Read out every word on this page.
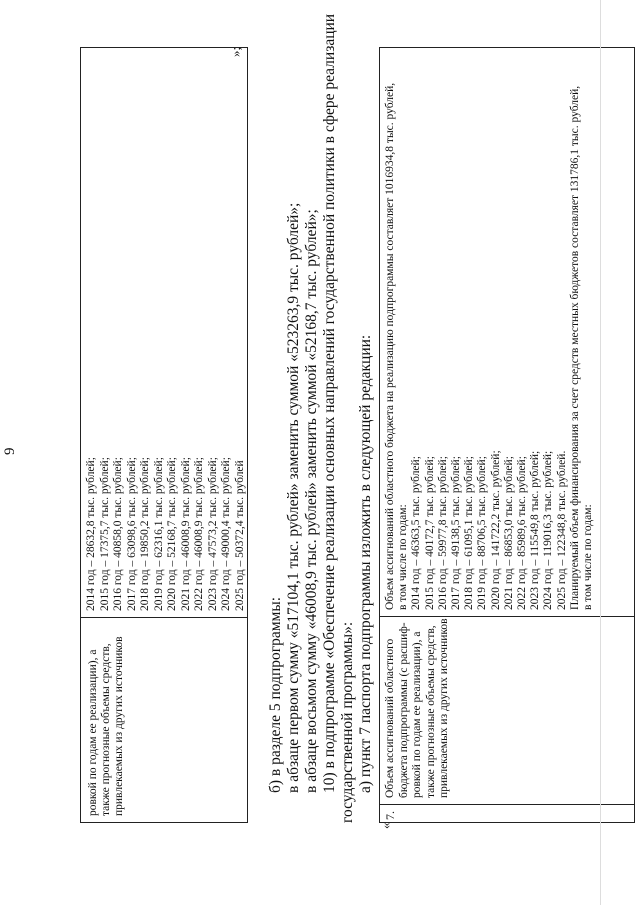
9
ровкой по годам ее реализации), а также прогнозные объемы средств, привлекаемых из других источников
2014 год – 28632,8 тыс. рублей; 2015 год – 17375,7 тыс. рублей; 2016 год – 40858,0 тыс. рублей; 2017 год – 63098,6 тыс. рублей; 2018 год – 19850,2 тыс. рублей; 2019 год – 62316,1 тыс. рублей; 2020 год – 52168,7 тыс. рублей; 2021 год – 46008,9 тыс. рублей; 2022 год – 46008,9 тыс. рублей; 2023 год – 47573,2 тыс. рублей; 2024 год – 49000,4 тыс. рублей; 2025 год – 50372,4 тыс. рублей
»;
б) в разделе 5 подпрограммы: в абзаце первом сумму «517104,1 тыс. рублей» заменить суммой «523263,9 тыс. рублей»; в абзаце восьмом сумму «46008,9 тыс. рублей» заменить суммой «52168,7 тыс. рублей»; 10) в подпрограмме «Обеспечение реализации основных направлений государственной политики в сфере реализации государственной программы»: а) пункт 7 паспорта подпрограммы изложить в следующей редакции:
«
7.
Объем ассигнований областного бюджета подпрограммы (с расшиф- ровкой по годам ее реализации), а также прогнозные объемы средств, привлекаемых из других источников
Объем ассигнований областного бюджета на реализацию подпрограммы составляет 1016934,8 тыс. рублей, в том числе по годам: 2014 год – 46363,5 тыс. рублей; 2015 год – 40172,7 тыс. рублей; 2016 год – 59977,8 тыс. рублей; 2017 год – 49138,5 тыс. рублей; 2018 год – 61095,1 тыс. рублей; 2019 год – 88706,5 тыс. рублей; 2020 год – 141722,2 тыс. рублей; 2021 год – 86853,0 тыс. рублей; 2022 год – 85989,6 тыс. рублей; 2023 год – 115549,8 тыс. рублей; 2024 год – 119016,3 тыс. рублей; 2025 год – 122348,8 тыс. рублей. Планируемый объем финансирования за счет средств местных бюджетов составляет 131786,1 тыс. рублей, в том числе по годам:
